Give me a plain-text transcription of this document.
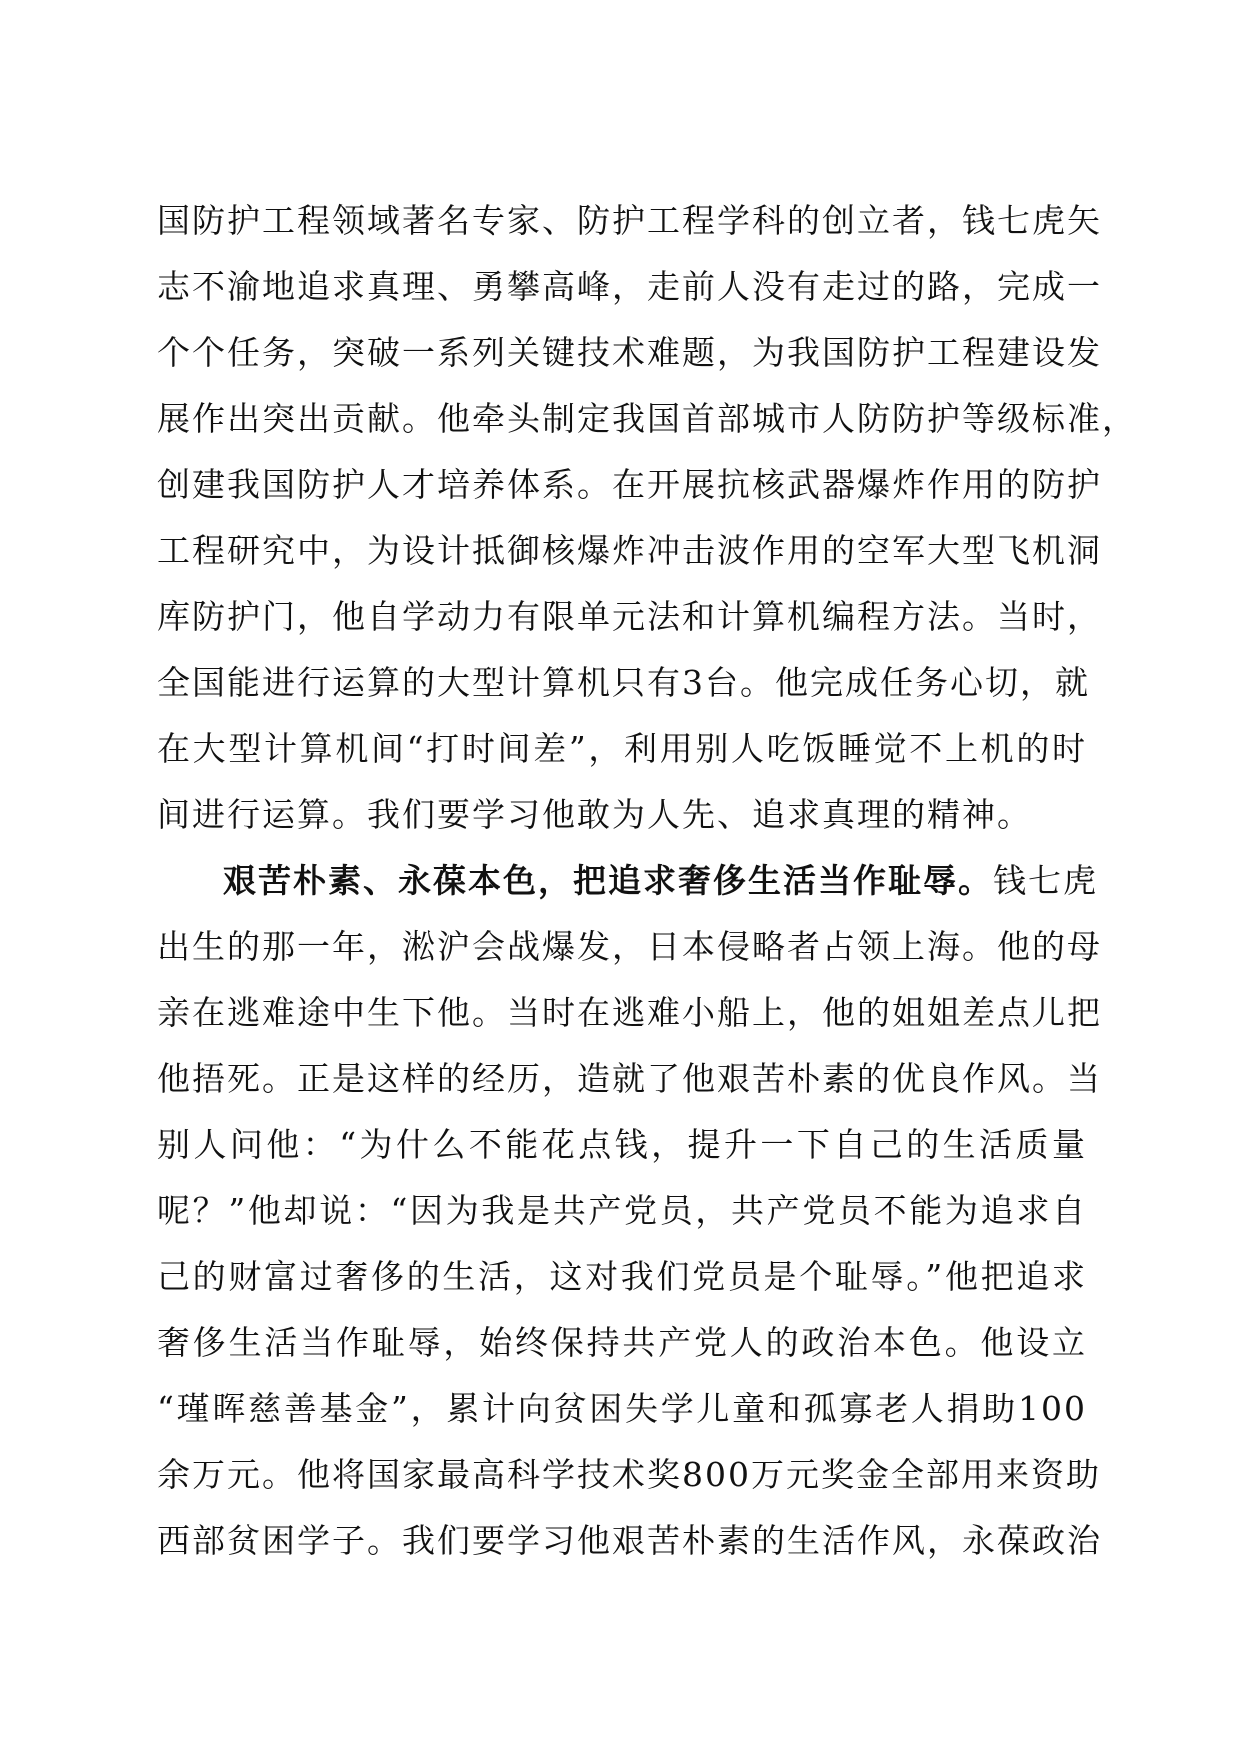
国防护工程领域著名专家、防护工程学科的创立者，钱七虎矢
志不渝地追求真理、勇攀高峰，走前人没有走过的路，完成一
个个任务，突破一系列关键技术难题，为我国防护工程建设发
展作出突出贡献。他牵头制定我国首部城市人防防护等级标准，
创建我国防护人才培养体系。在开展抗核武器爆炸作用的防护
工程研究中，为设计抵御核爆炸冲击波作用的空军大型飞机洞
库防护门，他自学动力有限单元法和计算机编程方法。当时，
全国能进行运算的大型计算机只有3台。他完成任务心切，就
在大型计算机间“打时间差”，利用别人吃饭睡觉不上机的时
间进行运算。我们要学习他敢为人先、追求真理的精神。
艰苦朴素、永葆本色，把追求奢侈生活当作耻辱。钱七虎
出生的那一年，淞沪会战爆发，日本侵略者占领上海。他的母
亲在逃难途中生下他。当时在逃难小船上，他的姐姐差点儿把
他捂死。正是这样的经历，造就了他艰苦朴素的优良作风。当
别人问他：“为什么不能花点钱，提升一下自己的生活质量
呢？”他却说：“因为我是共产党员，共产党员不能为追求自
己的财富过奢侈的生活，这对我们党员是个耻辱。”他把追求
奢侈生活当作耻辱，始终保持共产党人的政治本色。他设立
“瑾晖慈善基金”，累计向贫困失学儿童和孤寡老人捐助100
余万元。他将国家最高科学技术奖800万元奖金全部用来资助
西部贫困学子。我们要学习他艰苦朴素的生活作风，永葆政治
